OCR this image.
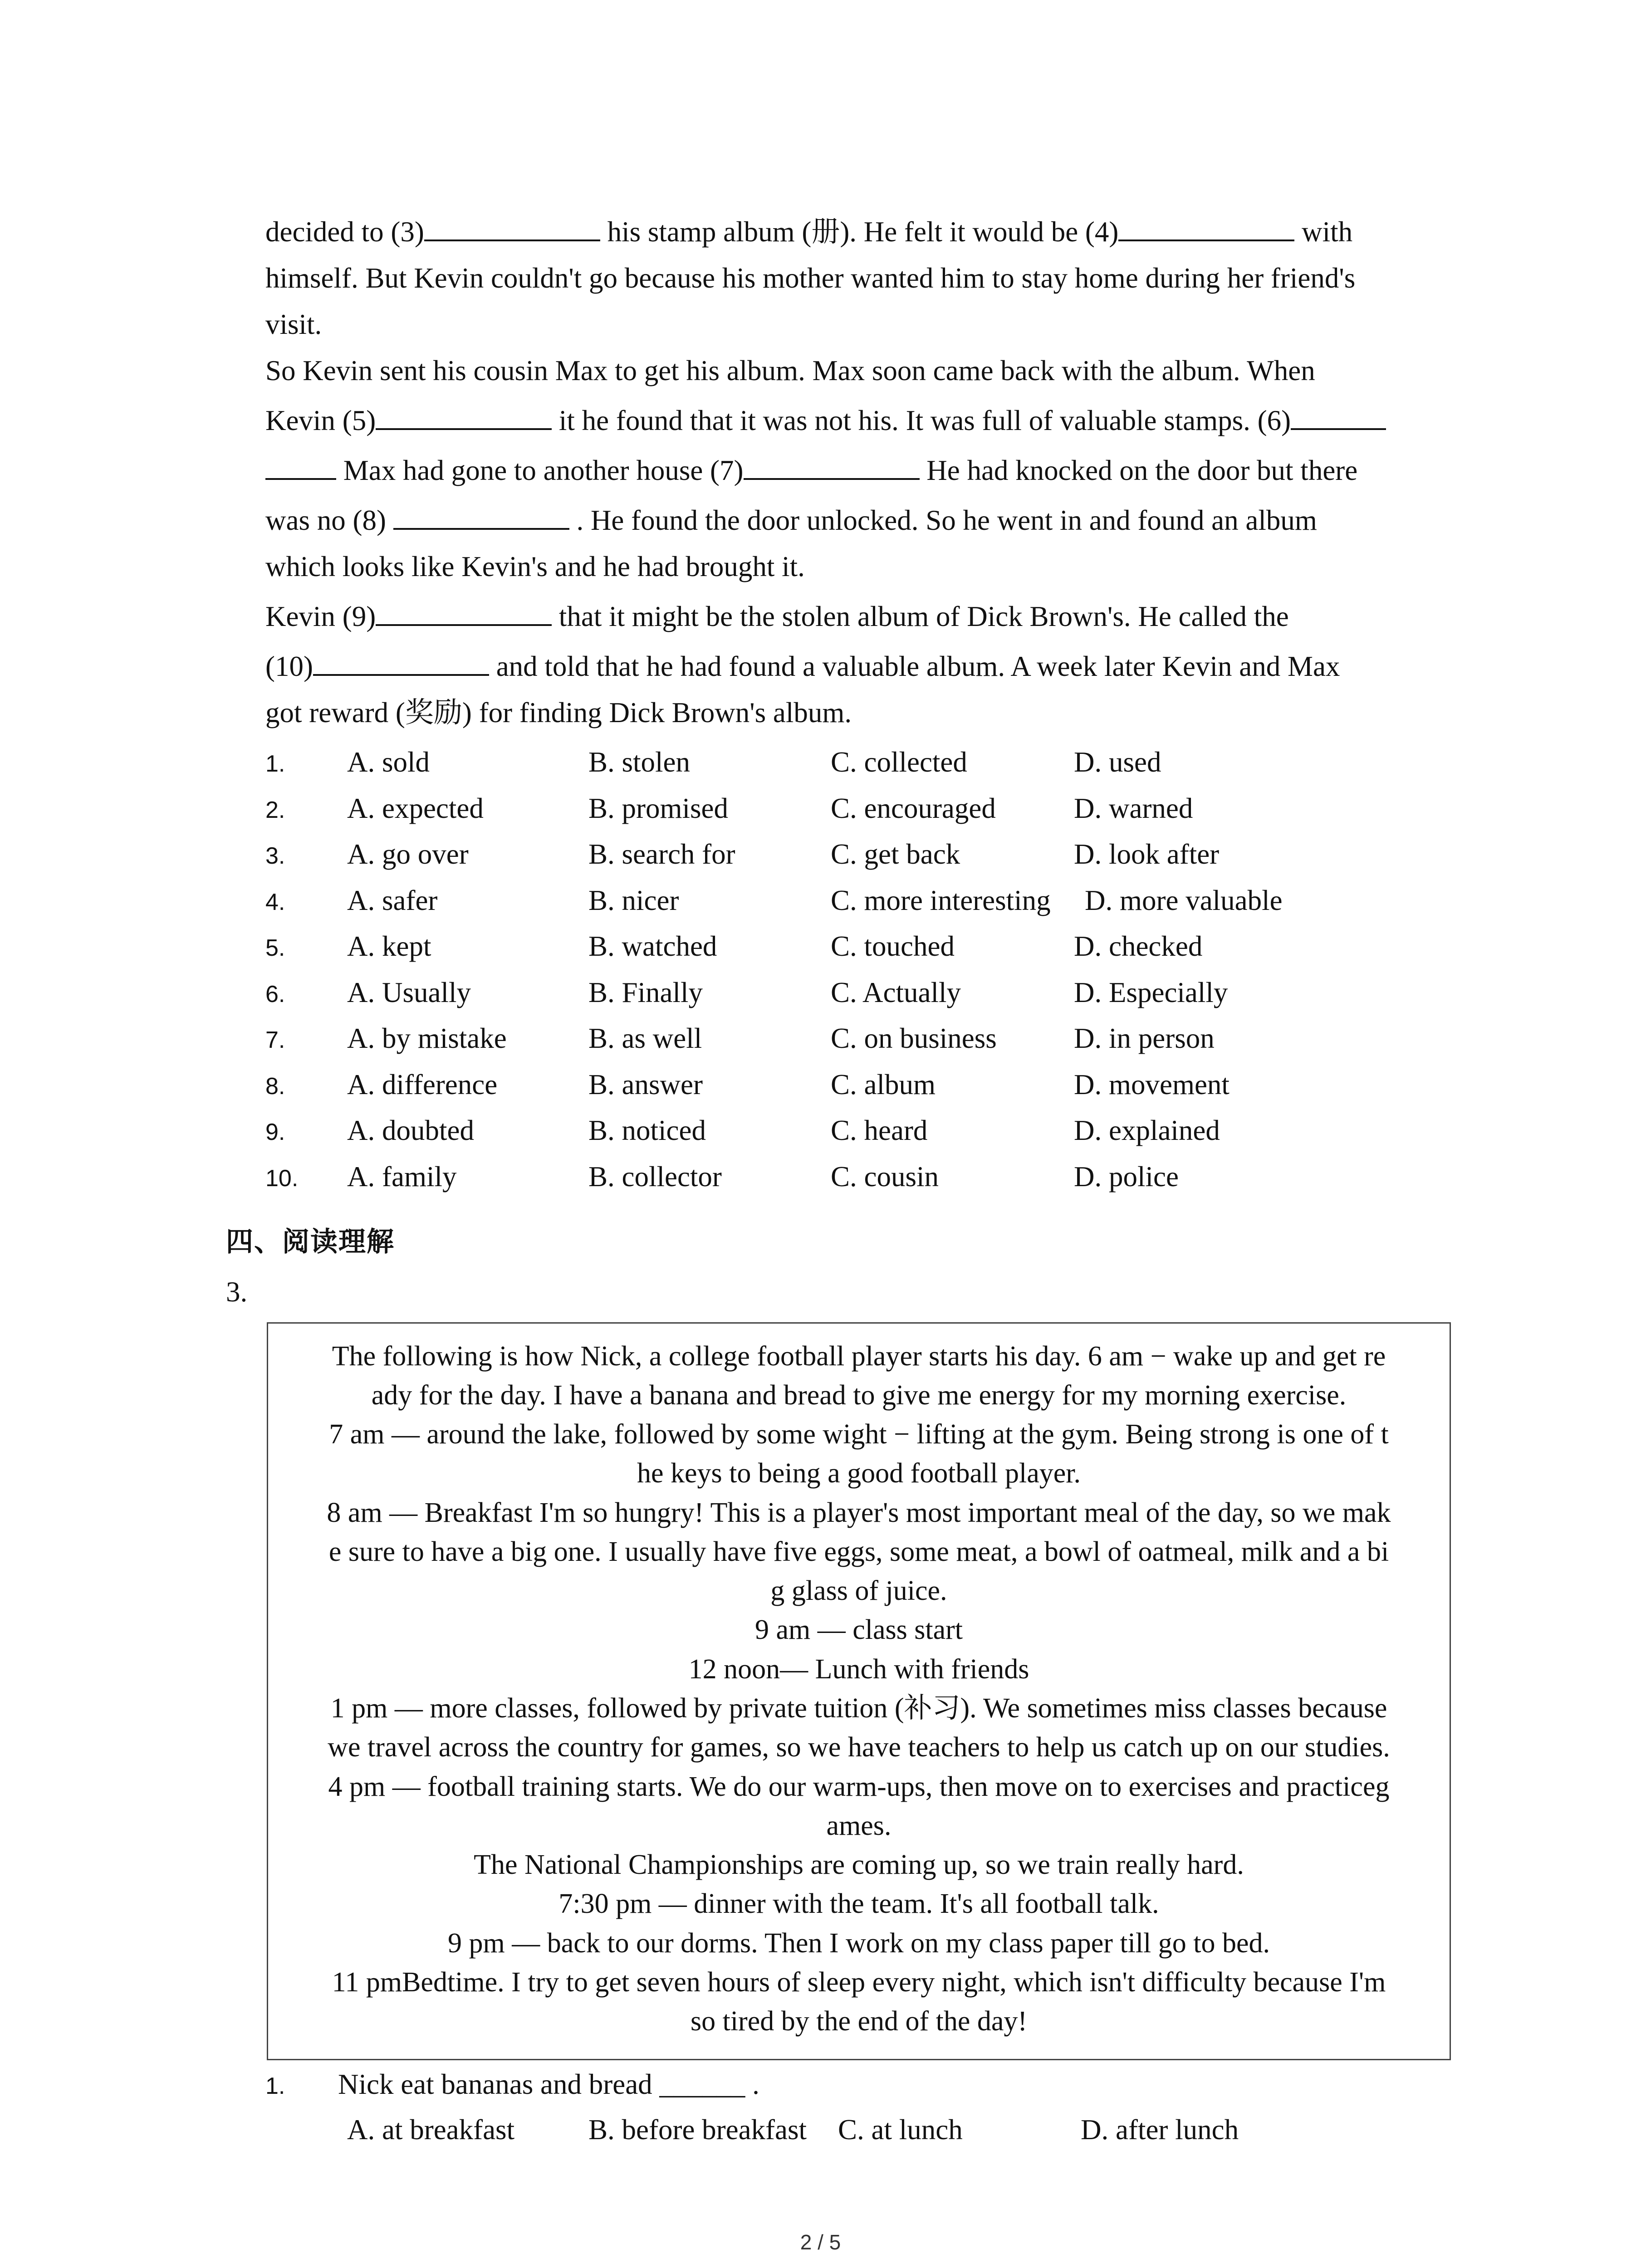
decided to (3)	his stamp album (册). He felt it would be (4)	with
himself. But Kevin couldn't go because his mother wanted him to stay home during her friend's
visit.
So Kevin sent his cousin Max to get his album. Max soon came back with the album. When
Kevin (5)	it he found that it was not his. It was full of valuable stamps. (6)
Max had gone to another house (7)	He had knocked on the door but there
was no (8)	. He found the door unlocked. So he went in and found an album
which looks like Kevin's and he had brought it.
Kevin (9)	that it might be the stolen album of Dick Brown's. He called the
(10)	and told that he had found a valuable album. A week later Kevin and Max
got reward (奖励) for finding Dick Brown's album.
1. A. sold	B. stolen	C. collected	D. used
2. A. expected	B. promised	C. encouraged	D. warned
3. A. go over	B. search for	C. get back	D. look after
4. A. safer	B. nicer	C. more interesting D. more valuable
5. A. kept	B. watched	C. touched	D. checked
6. A. Usually	B. Finally	C. Actually	D. Especially
7. A. by mistake	B. as well	C. on business	D. in person
8. A. difference	B. answer	C. album	D. movement
9. A. doubted	B. noticed	C. heard	D. explained
10. A. family	B. collector	C. cousin	D. police
四、阅读理解
3.
The following is how Nick, a college football player starts his day. 6 am − wake up and get re
ady for the day. I have a banana and bread to give me energy for my morning exercise.
7 am — around the lake, followed by some wight − lifting at the gym. Being strong is one of t
he keys to being a good football player.
8 am — Breakfast I'm so hungry! This is a player's most important meal of the day, so we mak
e sure to have a big one. I usually have five eggs, some meat, a bowl of oatmeal, milk and a bi
g glass of juice.
9 am — class start
12 noon— Lunch with friends
1 pm — more classes, followed by private tuition (补习). We sometimes miss classes because
we travel across the country for games, so we have teachers to help us catch up on our studies.
4 pm — football training starts. We do our warm-ups, then move on to exercises and practiceg
ames.
The National Championships are coming up, so we train really hard.
7:30 pm — dinner with the team. It's all football talk.
9 pm — back to our dorms. Then I work on my class paper till go to bed.
11 pmBedtime. I try to get seven hours of sleep every night, which isn't difficulty because I'm
so tired by the end of the day!
1. Nick eat bananas and bread ______ .
A. at breakfast	B. before breakfast C. at lunch	D. after lunch
2 / 5
